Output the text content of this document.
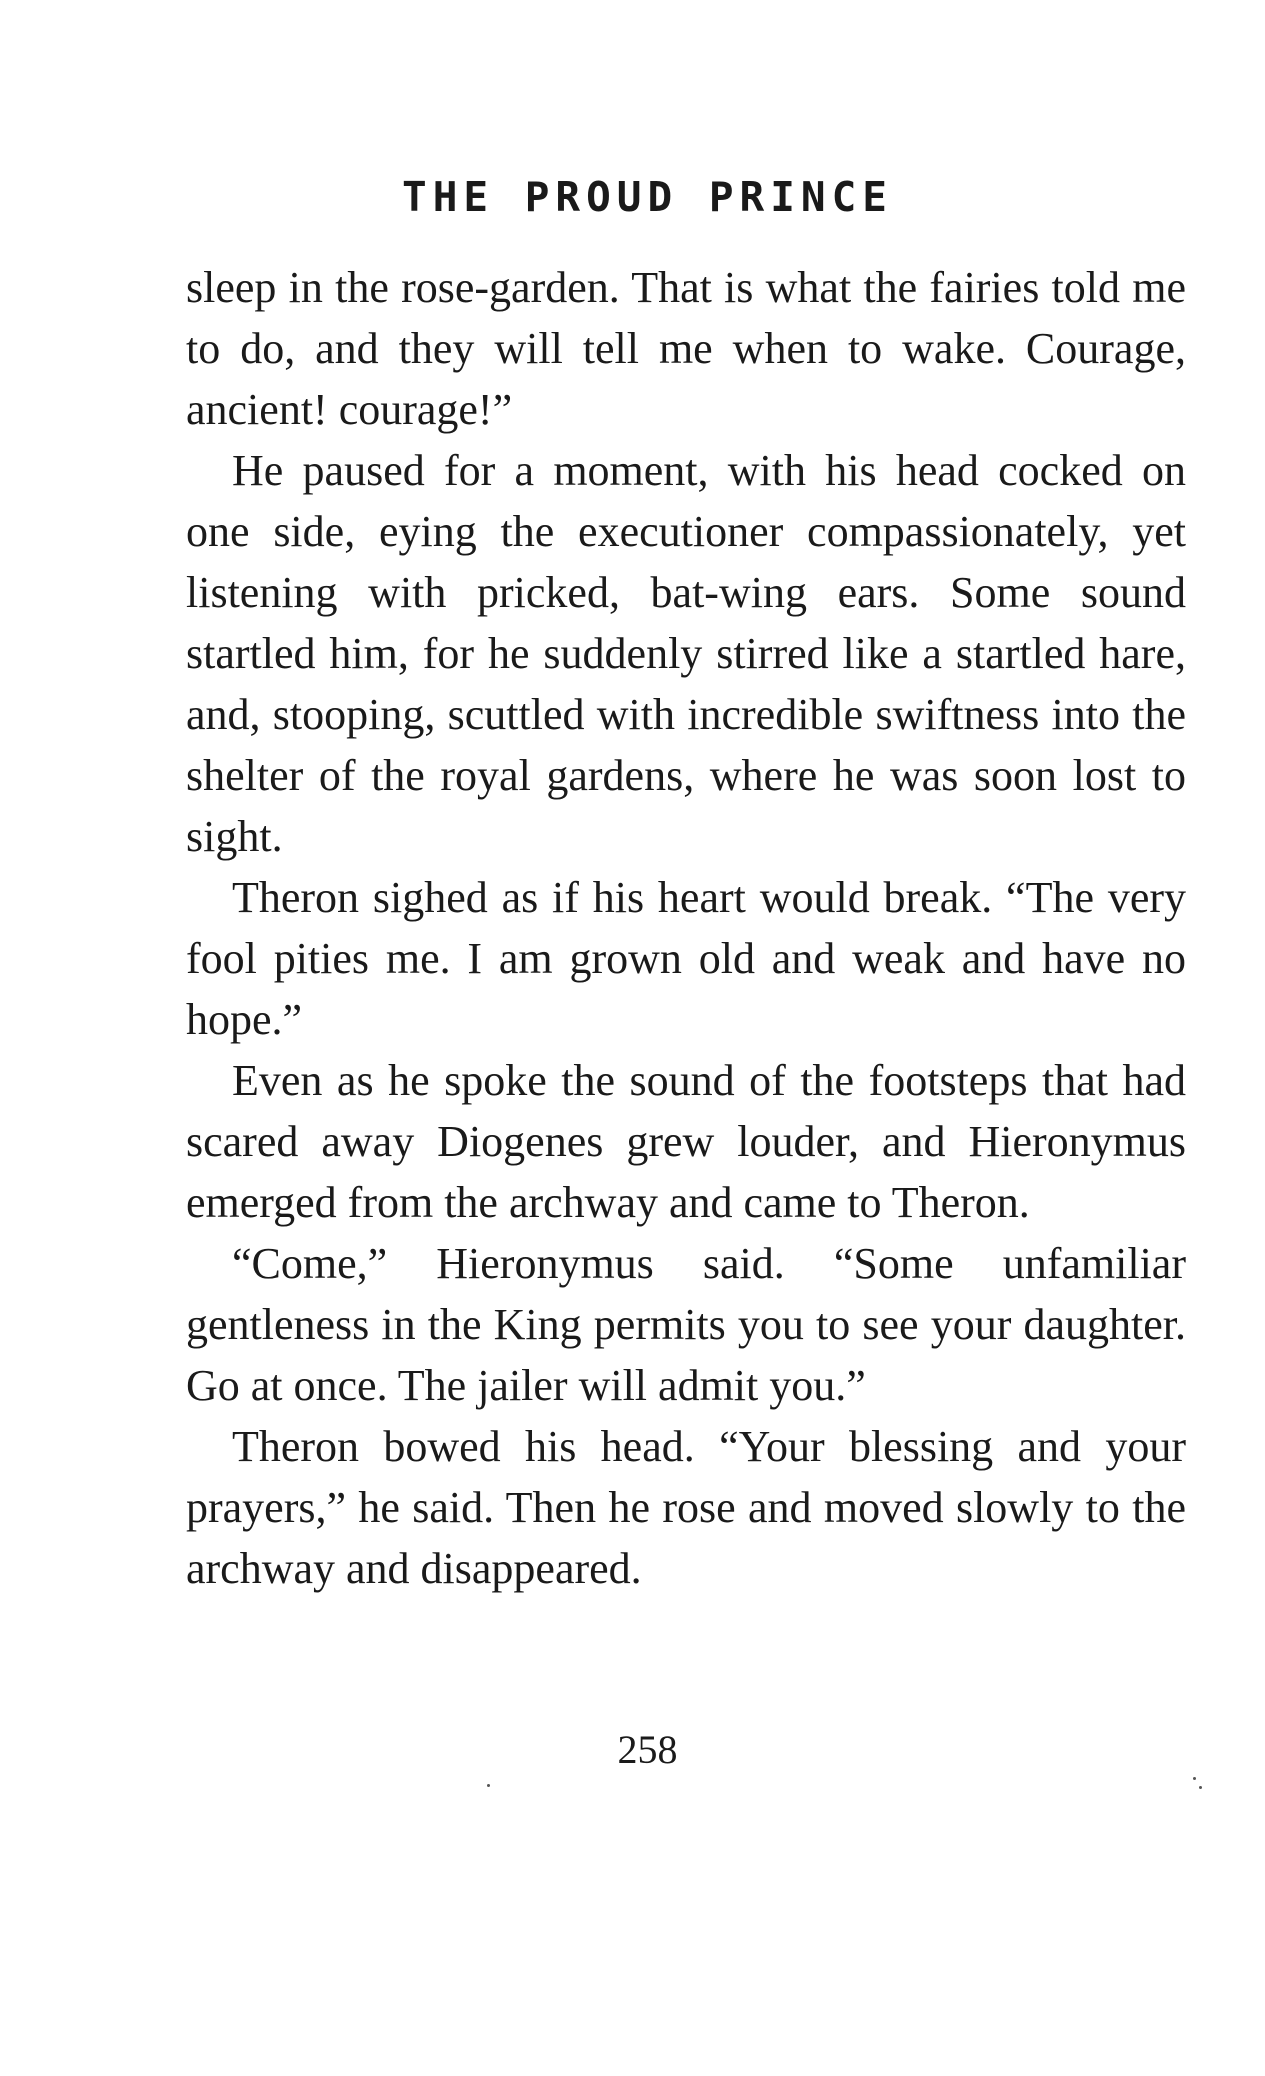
THE PROUD PRINCE

sleep in the rose-garden. That is what the fairies told me to do, and they will tell me when to wake. Courage, ancient! courage!”

He paused for a moment, with his head cocked on one side, eying the executioner compassionately, yet listening with pricked, bat-wing ears. Some sound startled him, for he suddenly stirred like a startled hare, and, stooping, scuttled with incredible swiftness into the shelter of the royal gardens, where he was soon lost to sight.

Theron sighed as if his heart would break. “The very fool pities me. I am grown old and weak and have no hope.”

Even as he spoke the sound of the footsteps that had scared away Diogenes grew louder, and Hieronymus emerged from the archway and came to Theron.

“Come,” Hieronymus said. “Some unfamiliar gentleness in the King permits you to see your daughter. Go at once. The jailer will admit you.”

Theron bowed his head. “Your blessing and your prayers,” he said. Then he rose and moved slowly to the archway and disappeared.

258
